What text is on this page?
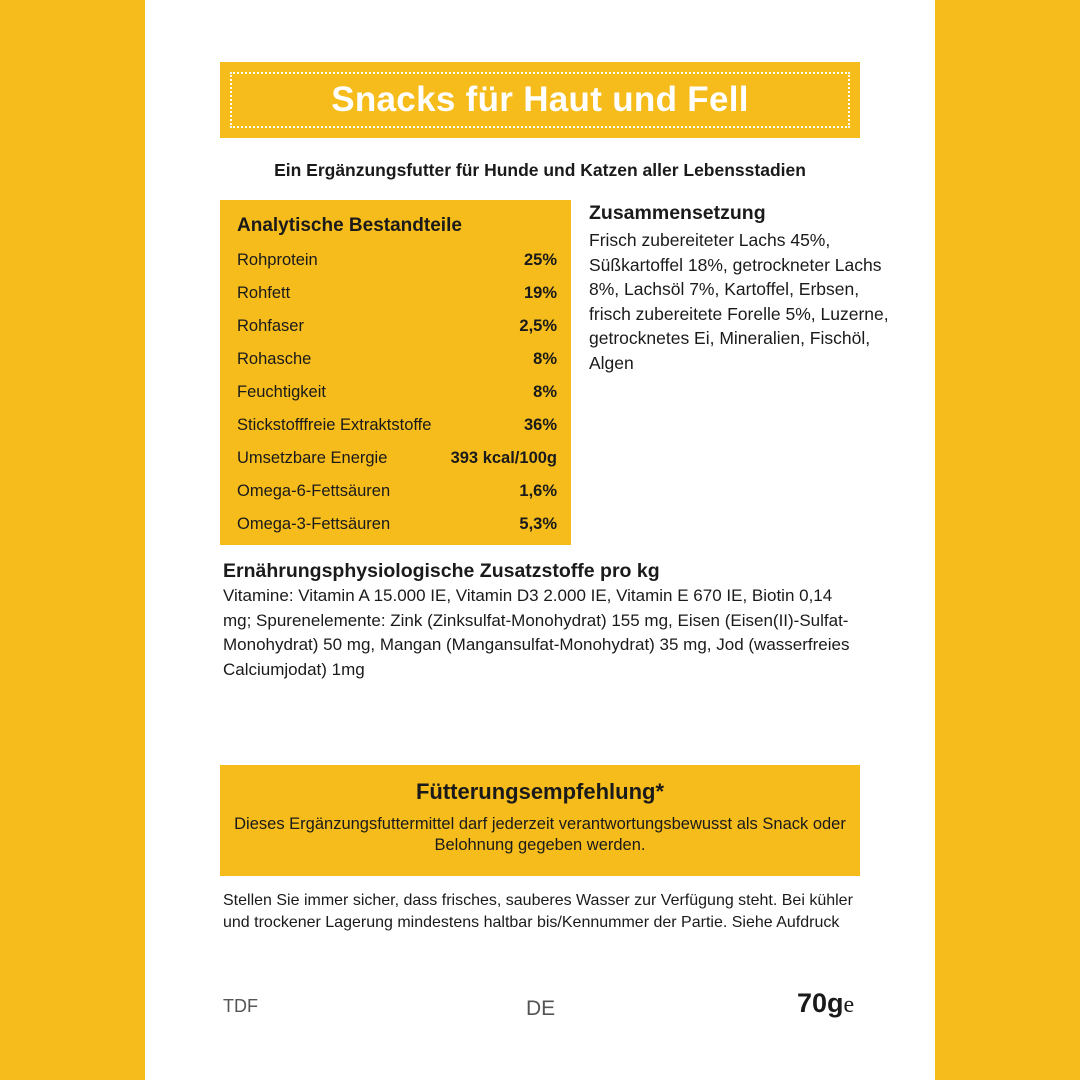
Snacks für Haut und Fell
Ein Ergänzungsfutter für Hunde und Katzen aller Lebensstadien
Analytische Bestandteile
Rohprotein	25%
Rohfett	19%
Rohfaser	2,5%
Rohasche	8%
Feuchtigkeit	8%
Stickstofffreie Extraktstoffe	36%
Umsetzbare Energie	393 kcal/100g
Omega-6-Fettsäuren	1,6%
Omega-3-Fettsäuren	5,3%
Zusammensetzung
Frisch zubereiteter Lachs 45%, Süßkartoffel 18%, getrockneter Lachs 8%, Lachsöl 7%, Kartoffel, Erbsen, frisch zubereitete Forelle 5%, Luzerne, getrocknetes Ei, Mineralien, Fischöl, Algen
Ernährungsphysiologische Zusatzstoffe pro kg
Vitamine: Vitamin A 15.000 IE, Vitamin D3 2.000 IE, Vitamin E 670 IE, Biotin 0,14 mg; Spurenelemente: Zink (Zinksulfat-Monohydrat) 155 mg, Eisen (Eisen(II)-Sulfat-Monohydrat) 50 mg, Mangan (Mangansulfat-Monohydrat) 35 mg, Jod (wasserfreies Calciumjodat) 1mg
Fütterungsempfehlung*
Dieses Ergänzungsfuttermittel darf jederzeit verantwortungsbewusst als Snack oder Belohnung gegeben werden.
Stellen Sie immer sicher, dass frisches, sauberes Wasser zur Verfügung steht. Bei kühler und trockener Lagerung mindestens haltbar bis/Kennummer der Partie. Siehe Aufdruck
TDF	DE	70ge
